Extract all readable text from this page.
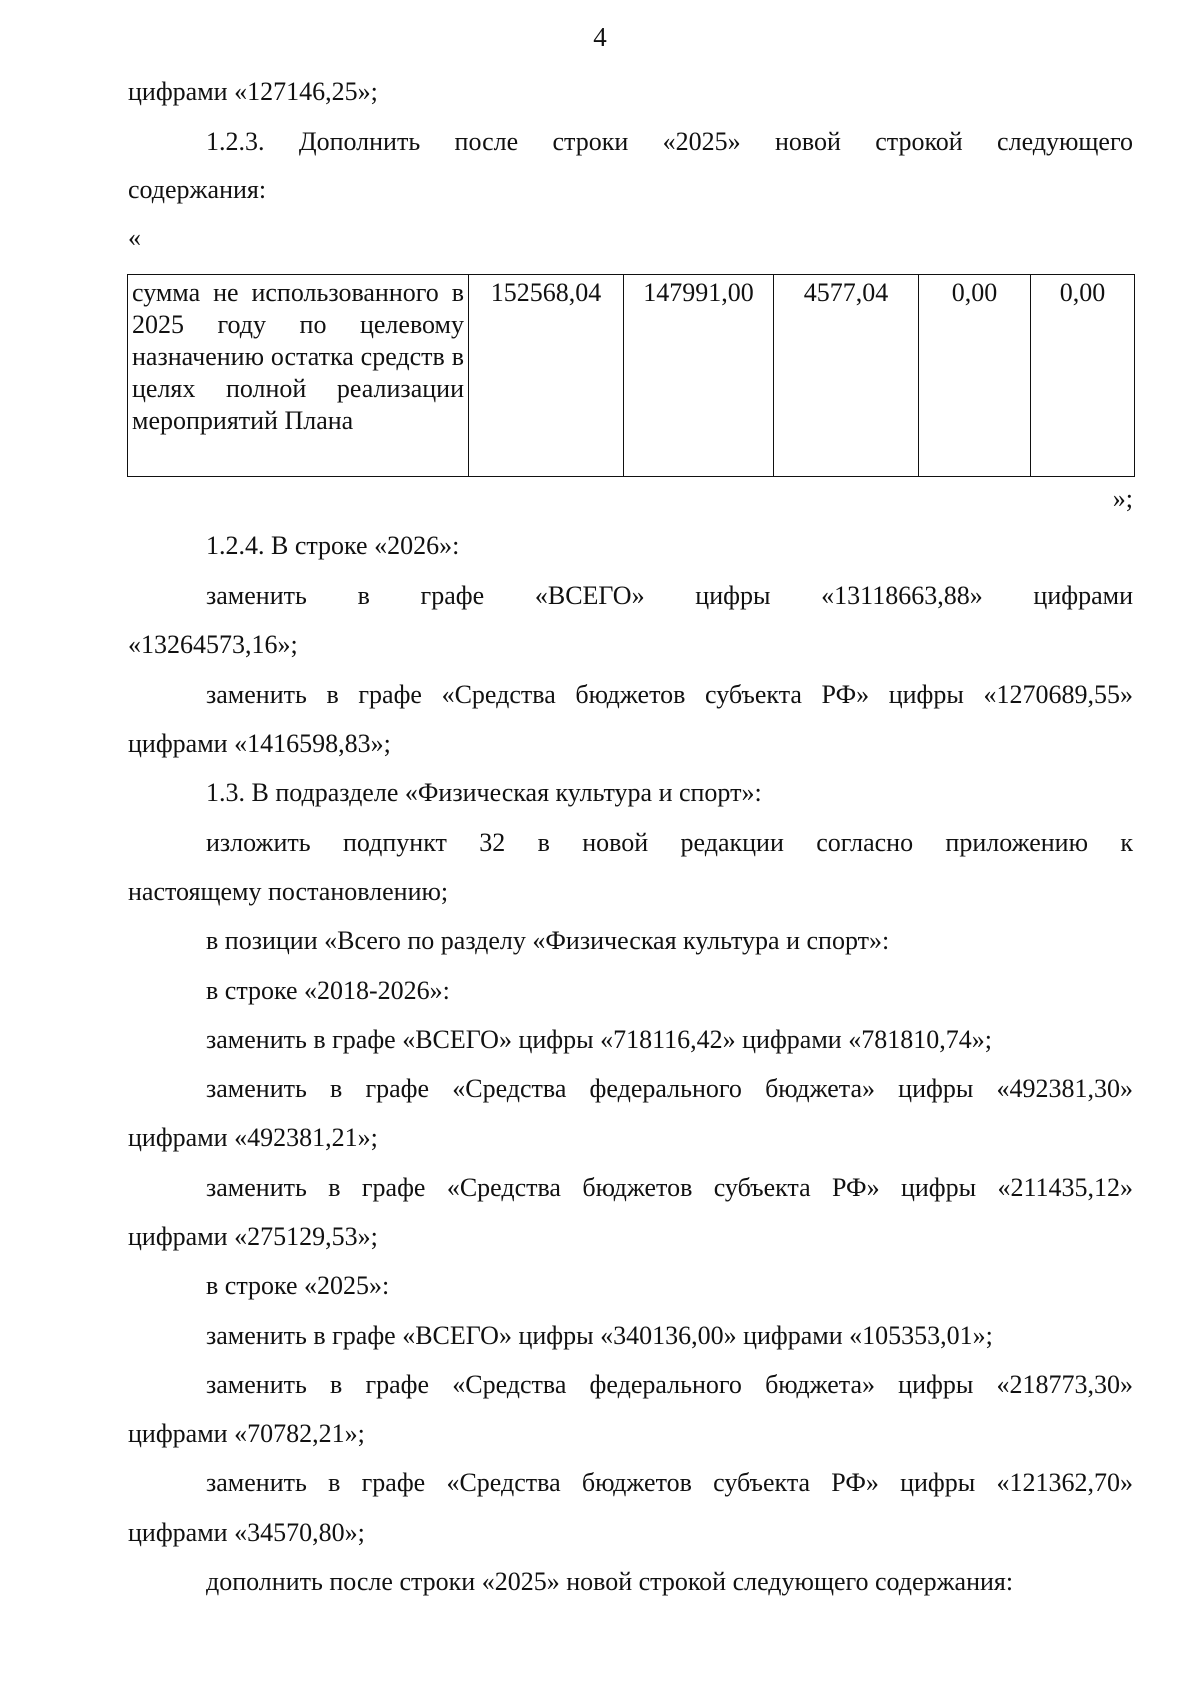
4
цифрами «127146,25»;
1.2.3. Дополнить после строки «2025» новой строкой следующего
содержания:
«
сумма не использованного в 2025 году по целевому назначению остатка средств в целях полной реализации мероприятий Плана	152568,04	147991,00	4577,04	0,00	0,00
»;
1.2.4. В строке «2026»:
заменить в графе «ВСЕГО» цифры «13118663,88» цифрами
«13264573,16»;
заменить в графе «Средства бюджетов субъекта РФ» цифры «1270689,55»
цифрами «1416598,83»;
1.3. В подразделе «Физическая культура и спорт»:
изложить подпункт 32 в новой редакции согласно приложению к
настоящему постановлению;
в позиции «Всего по разделу «Физическая культура и спорт»:
в строке «2018-2026»:
заменить в графе «ВСЕГО» цифры «718116,42» цифрами «781810,74»;
заменить в графе «Средства федерального бюджета» цифры «492381,30»
цифрами «492381,21»;
заменить в графе «Средства бюджетов субъекта РФ» цифры «211435,12»
цифрами «275129,53»;
в строке «2025»:
заменить в графе «ВСЕГО» цифры «340136,00» цифрами «105353,01»;
заменить в графе «Средства федерального бюджета» цифры «218773,30»
цифрами «70782,21»;
заменить в графе «Средства бюджетов субъекта РФ» цифры «121362,70»
цифрами «34570,80»;
дополнить после строки «2025» новой строкой следующего содержания:
